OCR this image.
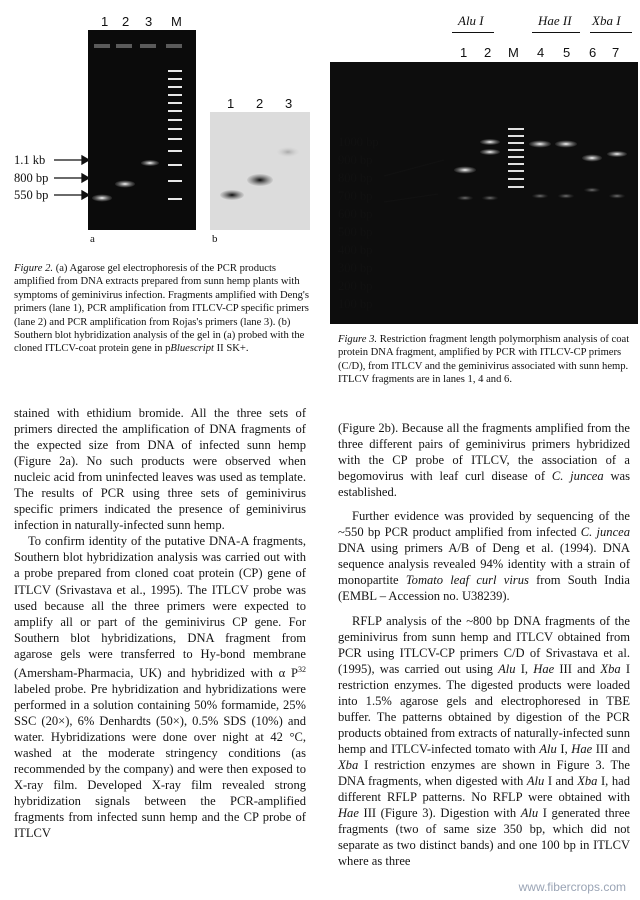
1 2 3 M
1.1 kb
800 bp
550 bp
a
1 2 3
b

Figure 2. (a) Agarose gel electrophoresis of the PCR products amplified from DNA extracts prepared from sunn hemp plants with symptoms of geminivirus infection. Fragments amplified with Deng's primers (lane 1), PCR amplification from ITLCV-CP specific primers (lane 2) and PCR amplification from Rojas's primers (lane 3). (b) Southern blot hybridization analysis of the gel in (a) probed with the cloned ITLCV-coat protein gene in pBluescript II SK+.

Alu I	Hae II Xba I
1 2 M 4 5 6 7
1000 bp
900 bp
800 bp
700 bp
600 bp
500 bp
400 bp
300 bp
200 bp
100 bp

Figure 3. Restriction fragment length polymorphism analysis of coat protein DNA fragment, amplified by PCR with ITLCV-CP primers (C/D), from ITLCV and the geminivirus associated with sunn hemp. ITLCV fragments are in lanes 1, 4 and 6.

stained with ethidium bromide. All the three sets of primers directed the amplification of DNA fragments of the expected size from DNA of infected sunn hemp (Figure 2a). No such products were observed when nucleic acid from uninfected leaves was used as template. The results of PCR using three sets of geminivirus specific primers indicated the presence of geminivirus infection in naturally-infected sunn hemp.

To confirm identity of the putative DNA-A fragments, Southern blot hybridization analysis was carried out with a probe prepared from cloned coat protein (CP) gene of ITLCV (Srivastava et al., 1995). The ITLCV probe was used because all the three primers were expected to amplify all or part of the geminivirus CP gene. For Southern blot hybridizations, DNA fragment from agarose gels were transferred to Hy-bond membrane (Amersham-Pharmacia, UK) and hybridized with α $P^{32}$ labeled probe. Pre hybridization and hybridizations were performed in a solution containing 50% formamide, 25% SSC (20×), 6% Denhardts (50×), 0.5% SDS (10%) and water. Hybridizations were done over night at 42 °C, washed at the moderate stringency conditions (as recommended by the company) and were then exposed to X-ray film. Developed X-ray film revealed strong hybridization signals between the PCR-amplified fragments from infected sunn hemp and the CP probe of ITLCV

(Figure 2b). Because all the fragments amplified from the three different pairs of geminivirus primers hybridized with the CP probe of ITLCV, the association of a begomovirus with leaf curl disease of C. juncea was established.

Further evidence was provided by sequencing of the ~550 bp PCR product amplified from infected C. juncea DNA using primers A/B of Deng et al. (1994). DNA sequence analysis revealed 94% identity with a strain of monopartite Tomato leaf curl virus from South India (EMBL – Accession no. U38239).

RFLP analysis of the ~800 bp DNA fragments of the geminivirus from sunn hemp and ITLCV obtained from PCR using ITLCV-CP primers C/D of Srivastava et al. (1995), was carried out using Alu I, Hae III and Xba I restriction enzymes. The digested products were loaded into 1.5% agarose gels and electrophoresed in TBE buffer. The patterns obtained by digestion of the PCR products obtained from extracts of naturally-infected sunn hemp and ITLCV-infected tomato with Alu I, Hae III and Xba I restriction enzymes are shown in Figure 3. The DNA fragments, when digested with Alu I and Xba I, had different RFLP patterns. No RFLP were obtained with Hae III (Figure 3). Digestion with Alu I generated three fragments (two of same size 350 bp, which did not separate as two distinct bands) and one 100 bp in ITLCV where as three

www.fibercrops.com
